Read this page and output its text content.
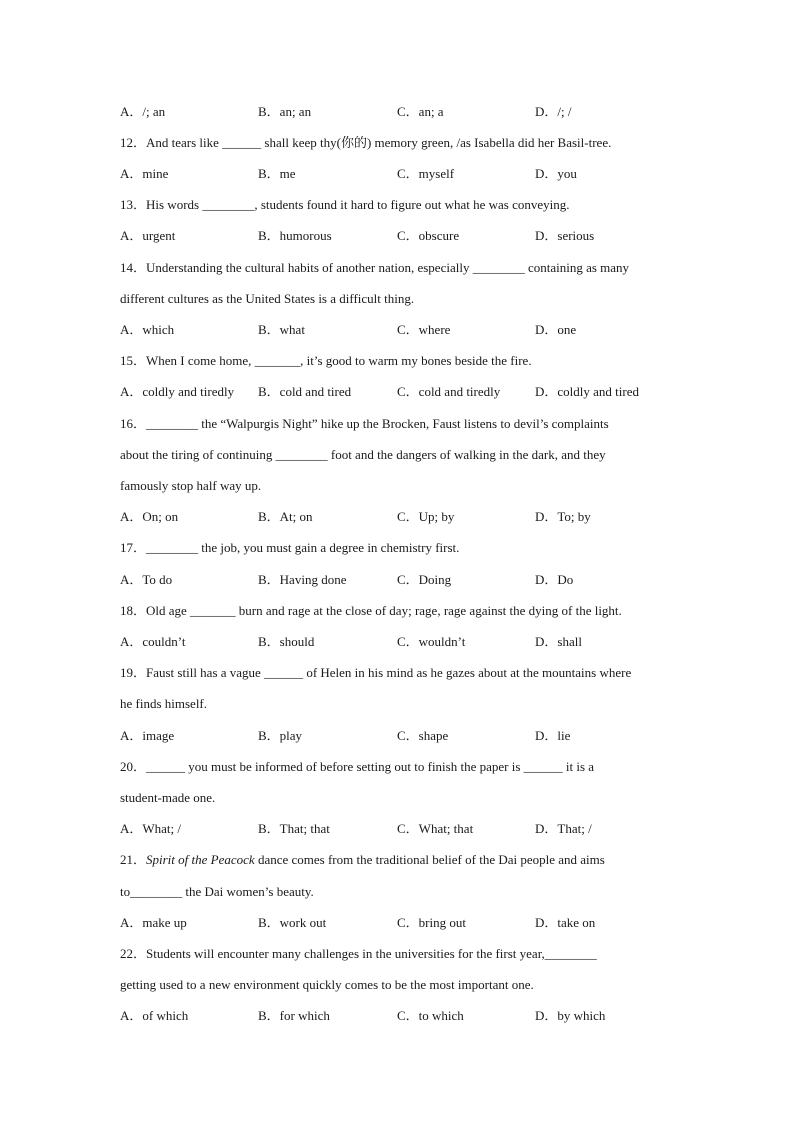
A．/; an	B．an; an	C．an; a	D．/; /
12．And tears like ______ shall keep thy(你的) memory green, /as Isabella did her Basil-tree.
A．mine	B．me	C．myself	D．you
13．His words ________, students found it hard to figure out what he was conveying.
A．urgent	B．humorous	C．obscure	D．serious
14．Understanding the cultural habits of another nation, especially ________ containing as many
different cultures as the United States is a difficult thing.
A．which	B．what	C．where	D．one
15．When I come home, _______, it’s good to warm my bones beside the fire.
A．coldly and tiredly B．cold and tired	C．cold and tiredly	D．coldly and tired
16．________ the “Walpurgis Night” hike up the Brocken, Faust listens to devil’s complaints
about the tiring of continuing ________ foot and the dangers of walking in the dark, and they
famously stop half way up.
A．On; on	B．At; on	C．Up; by	D．To; by
17．________ the job, you must gain a degree in chemistry first.
A．To do	B．Having done	C．Doing	D．Do
18．Old age _______ burn and rage at the close of day; rage, rage against the dying of the light.
A．couldn’t	B．should	C．wouldn’t	D．shall
19．Faust still has a vague ______ of Helen in his mind as he gazes about at the mountains where
he finds himself.
A．image	B．play	C．shape	D．lie
20．______ you must be informed of before setting out to finish the paper is ______ it is a
student-made one.
A．What; /	B．That; that	C．What; that	D．That; /
21．Spirit of the Peacock dance comes from the traditional belief of the Dai people and aims
to________ the Dai women’s beauty.
A．make up	B．work out	C．bring out	D．take on
22．Students will encounter many challenges in the universities for the first year,________
getting used to a new environment quickly comes to be the most important one.
A．of which	B．for which	C．to which	D．by which
